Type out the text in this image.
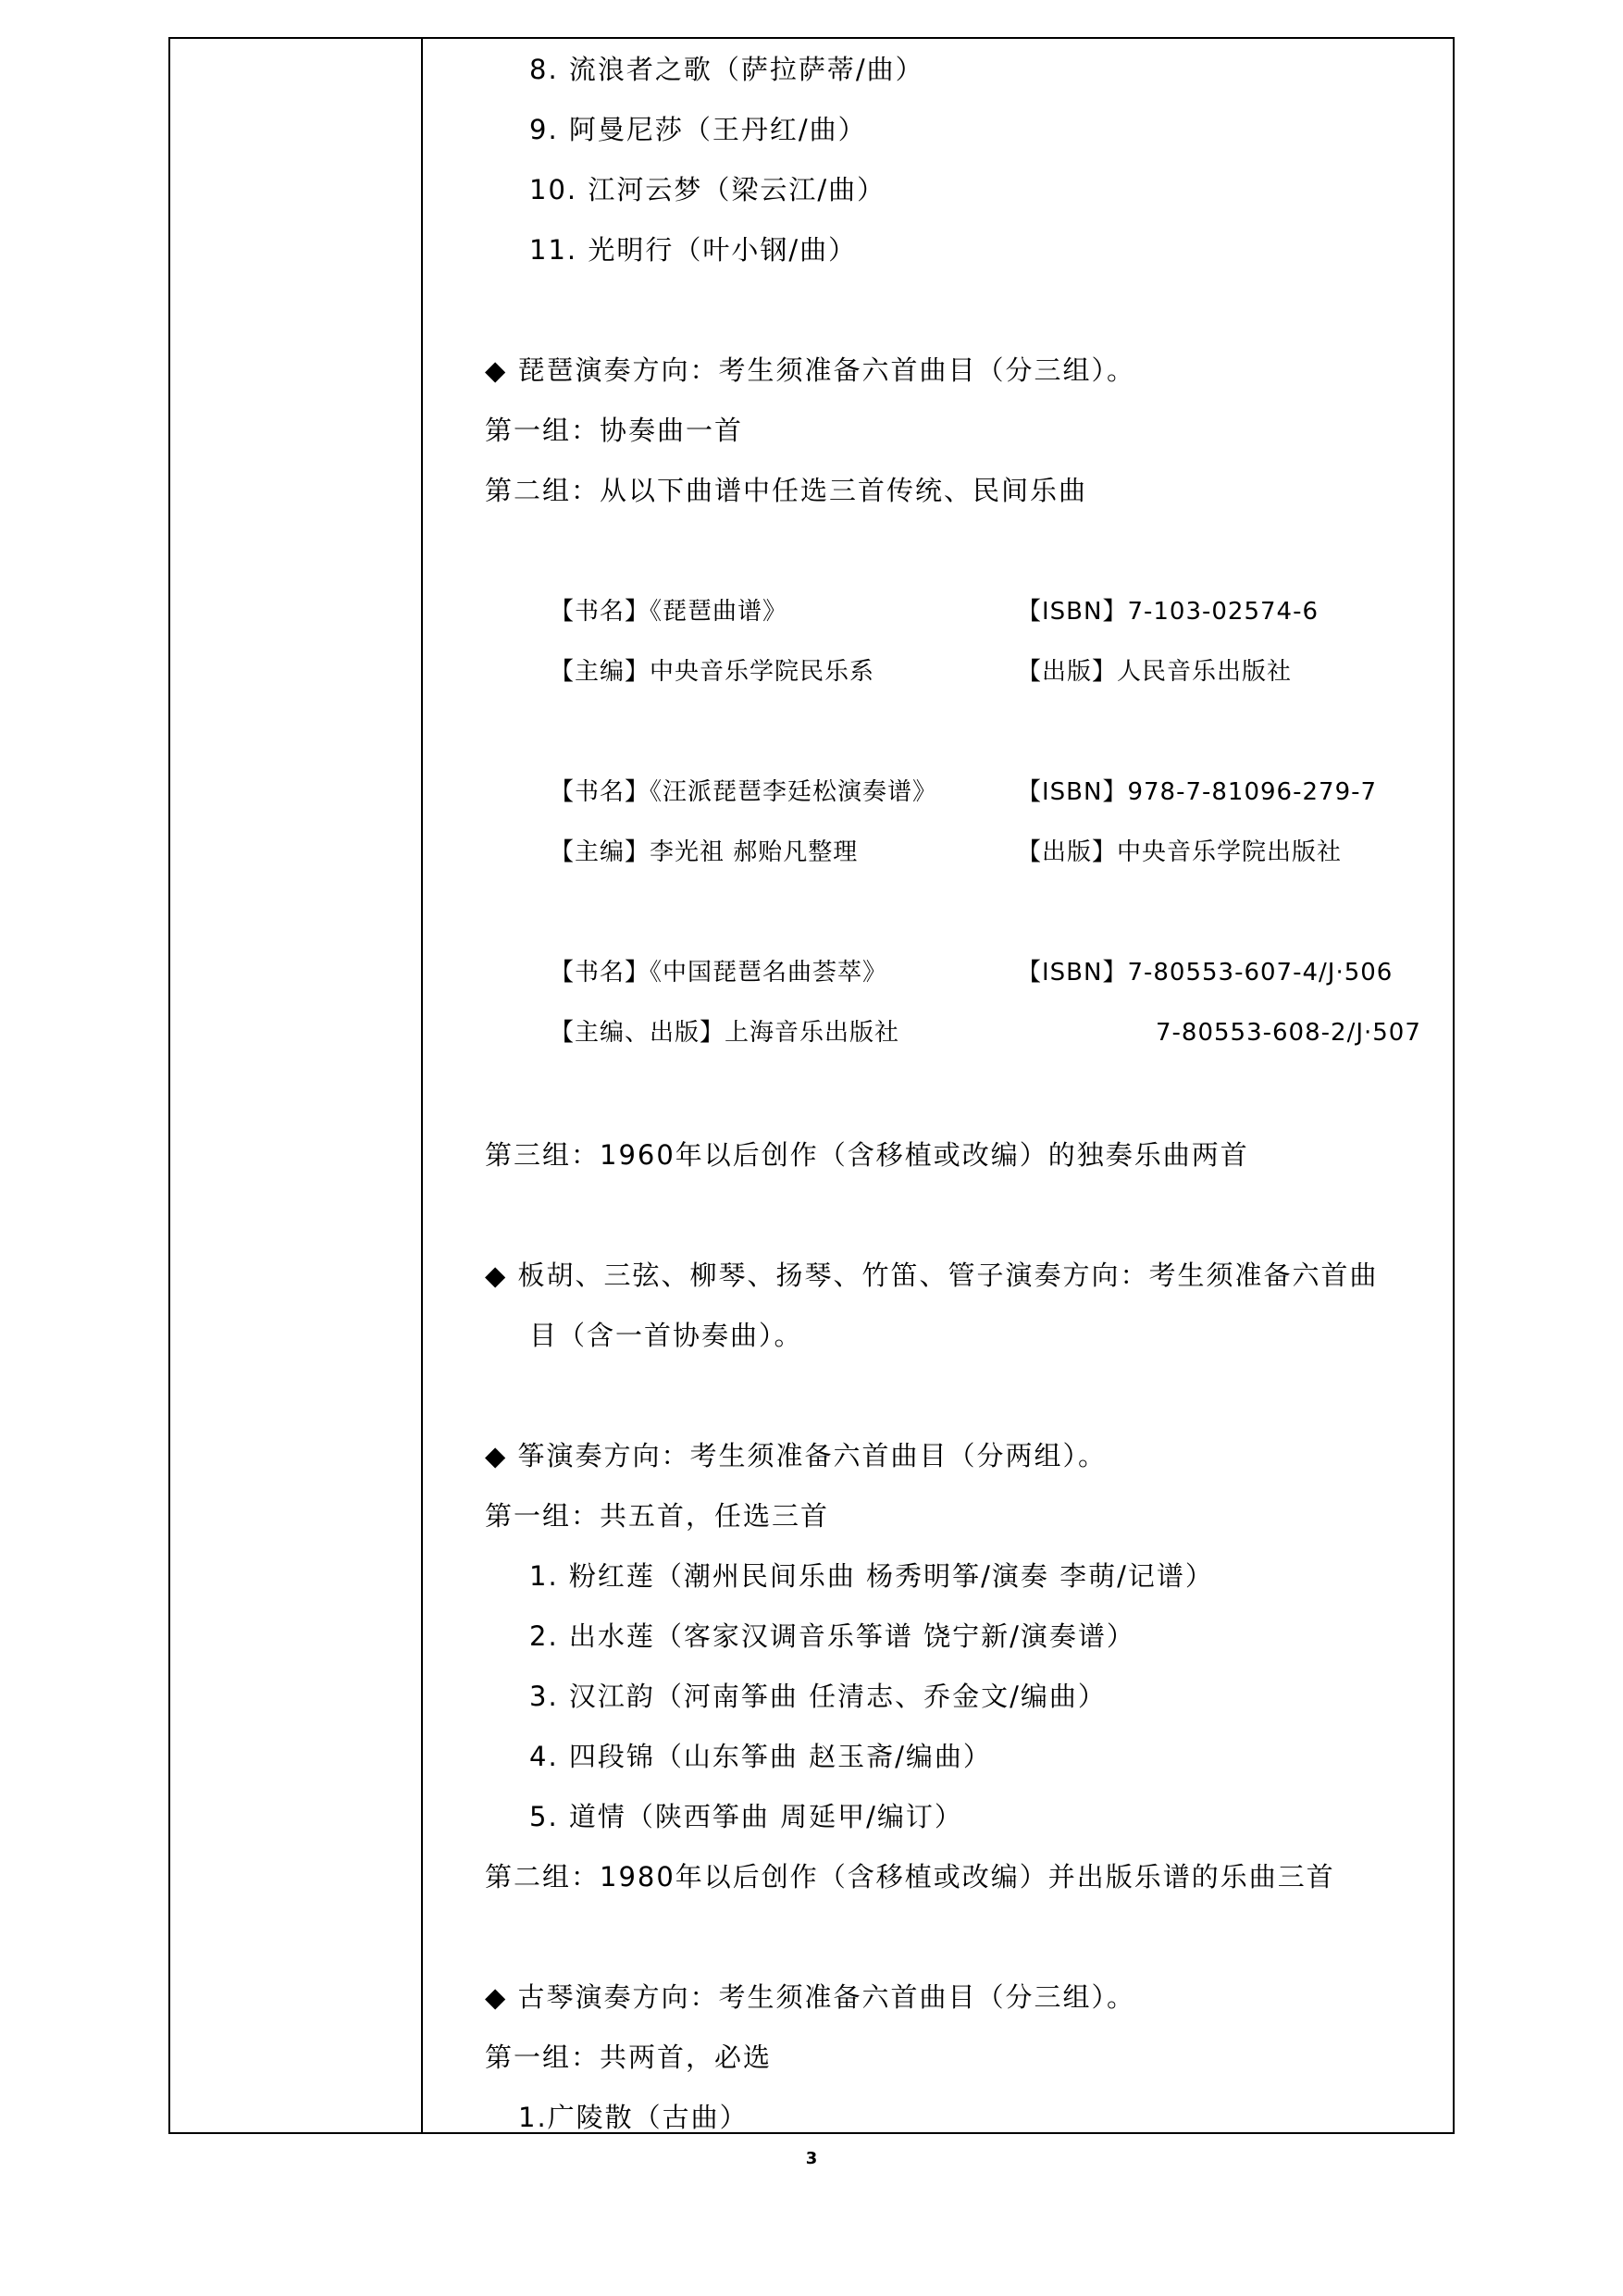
8. 流浪者之歌（萨拉萨蒂/曲）
9. 阿曼尼莎（王丹红/曲）
10. 江河云梦（梁云江/曲）
11. 光明行（叶小钢/曲）
◆ 琵琶演奏方向：考生须准备六首曲目（分三组）。
第一组：协奏曲一首
第二组：从以下曲谱中任选三首传统、民间乐曲
【书名】《琵琶曲谱》	【ISBN】7-103-02574-6
【主编】中央音乐学院民乐系	【出版】人民音乐出版社
【书名】《汪派琵琶李廷松演奏谱》	【ISBN】978-7-81096-279-7
【主编】李光祖 郝贻凡整理	【出版】中央音乐学院出版社
【书名】《中国琵琶名曲荟萃》	【ISBN】7-80553-607-4/J·506
【主编、出版】上海音乐出版社	7-80553-608-2/J·507
第三组：1960年以后创作（含移植或改编）的独奏乐曲两首
◆ 板胡、三弦、柳琴、扬琴、竹笛、管子演奏方向：考生须准备六首曲
目（含一首协奏曲）。
◆ 筝演奏方向：考生须准备六首曲目（分两组）。
第一组：共五首，任选三首
1. 粉红莲（潮州民间乐曲 杨秀明筝/演奏 李萌/记谱）
2. 出水莲（客家汉调音乐筝谱 饶宁新/演奏谱）
3. 汉江韵（河南筝曲 任清志、乔金文/编曲）
4. 四段锦（山东筝曲 赵玉斋/编曲）
5. 道情（陕西筝曲 周延甲/编订）
第二组：1980年以后创作（含移植或改编）并出版乐谱的乐曲三首
◆ 古琴演奏方向：考生须准备六首曲目（分三组）。
第一组：共两首，必选
1.广陵散（古曲）
3
